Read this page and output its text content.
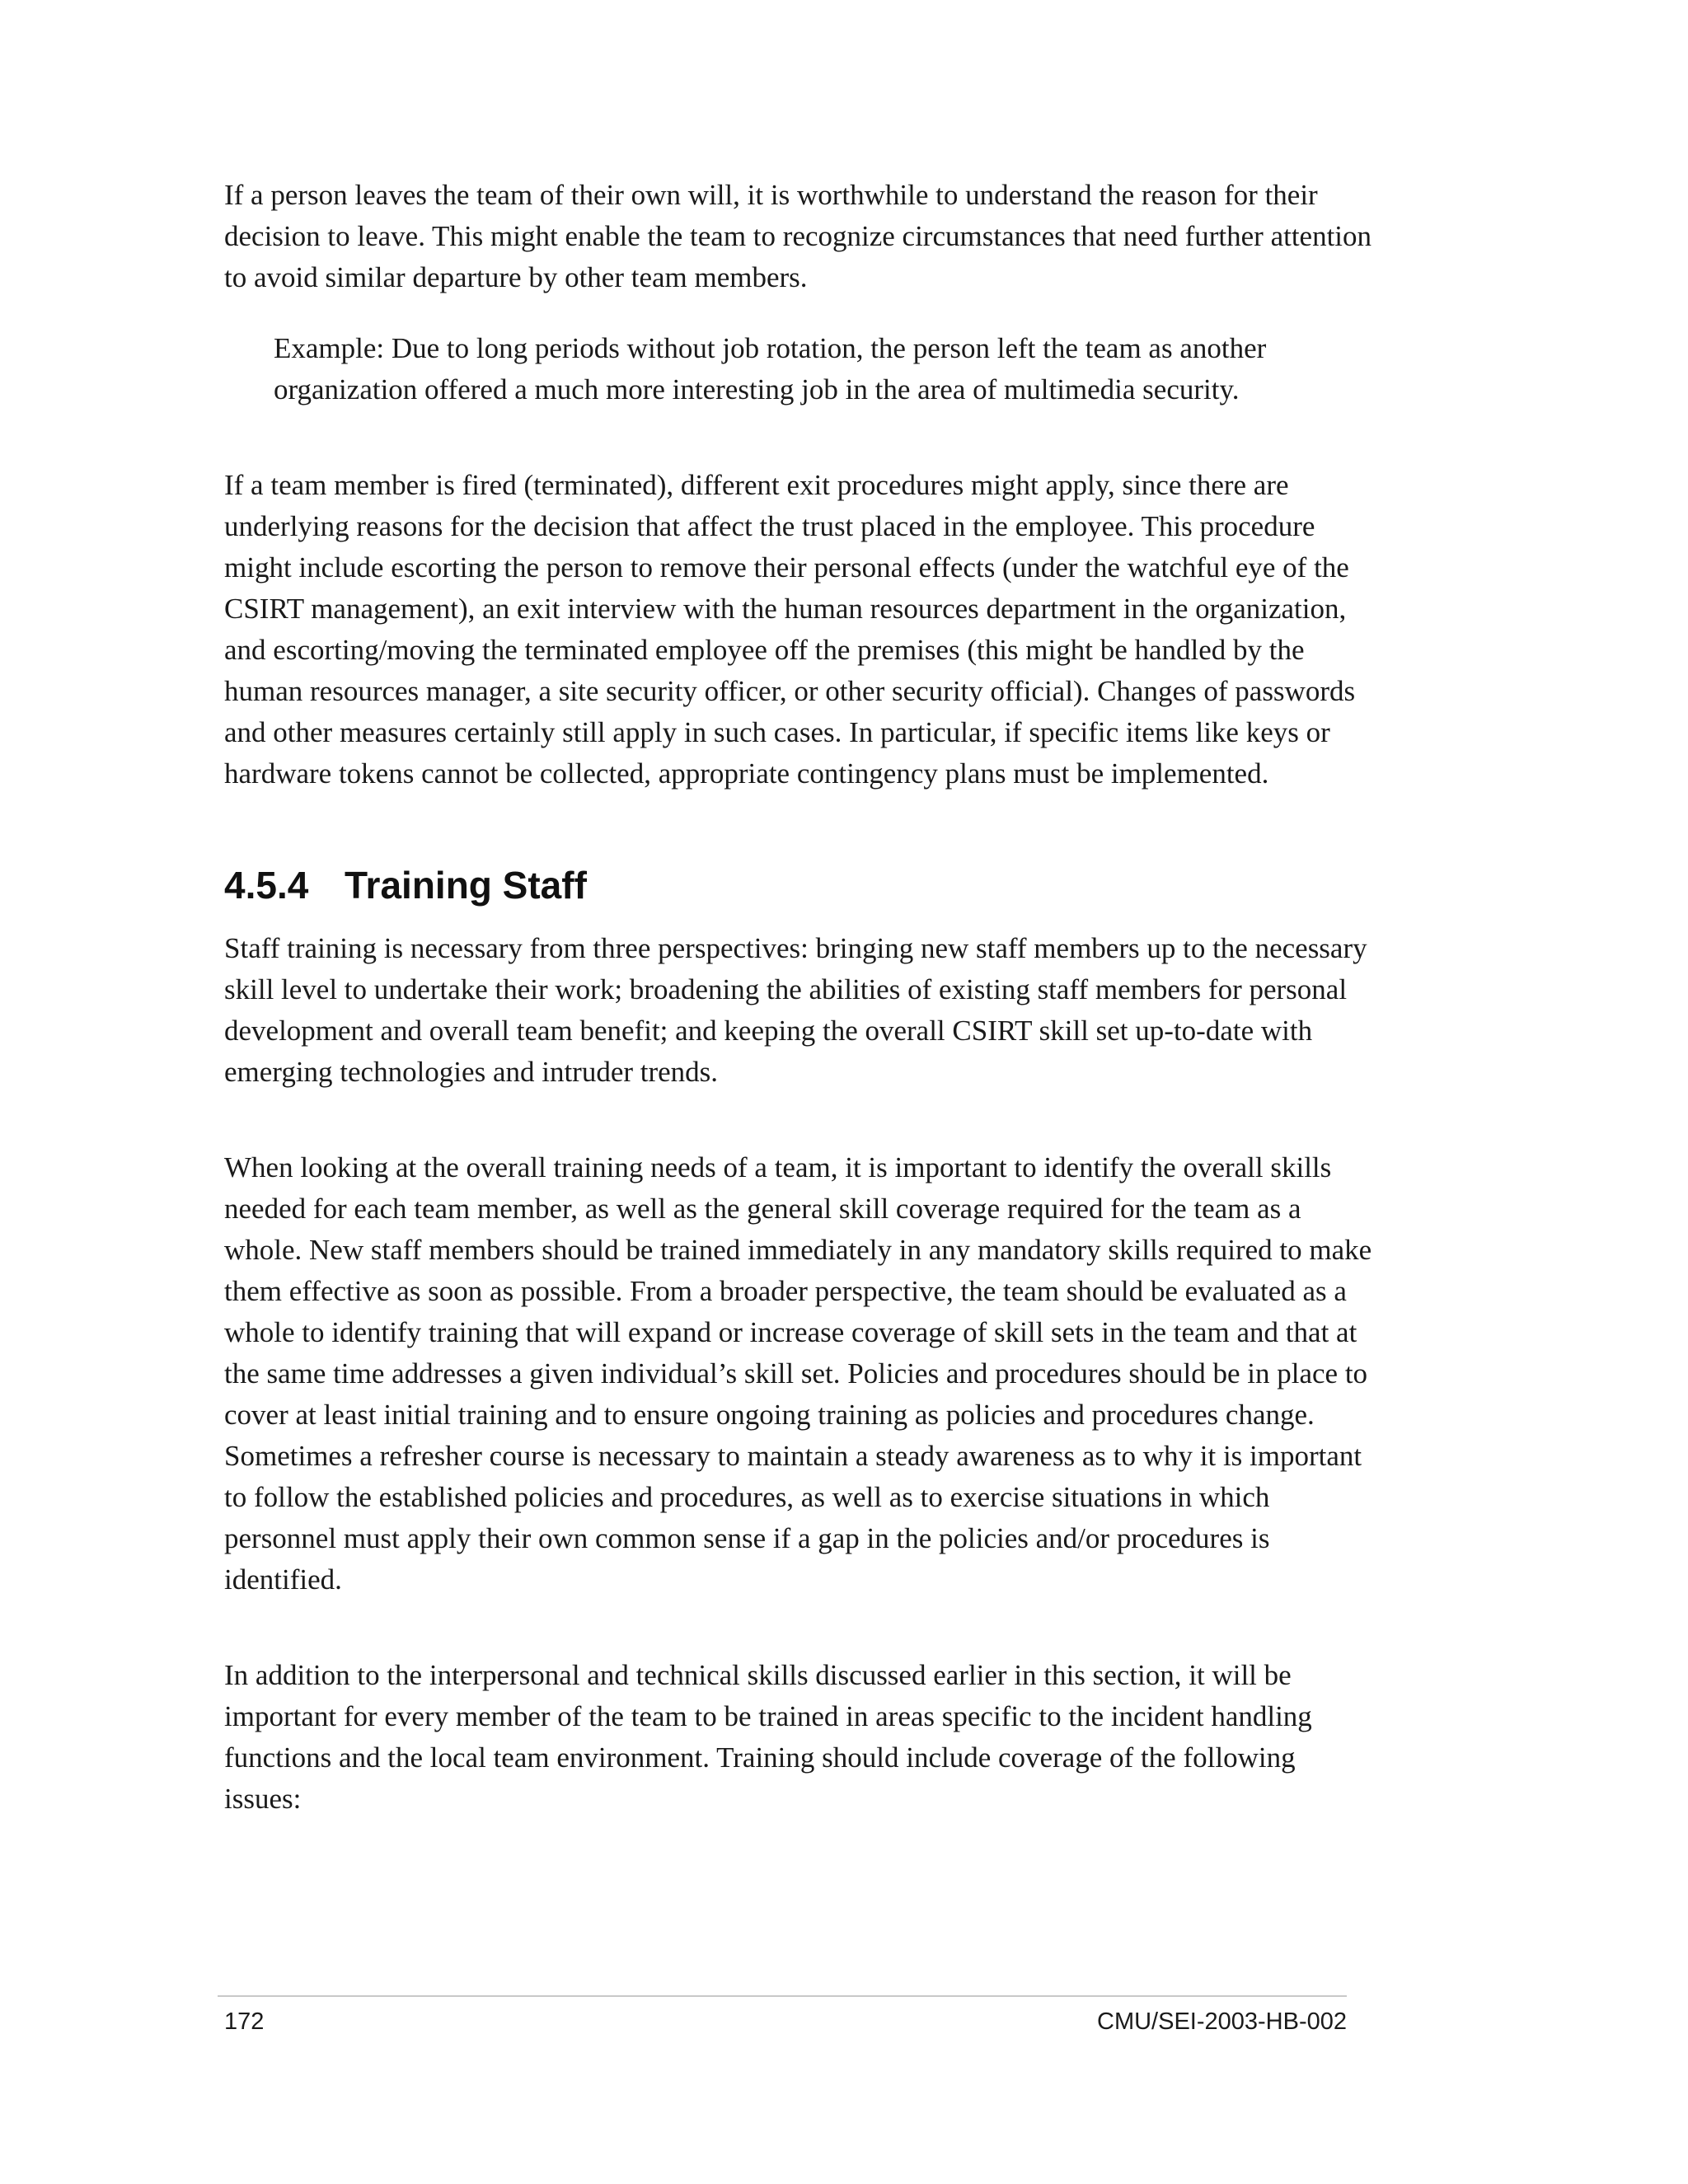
If a person leaves the team of their own will, it is worthwhile to understand the reason for their decision to leave. This might enable the team to recognize circumstances that need further attention to avoid similar departure by other team members.

Example: Due to long periods without job rotation, the person left the team as another organization offered a much more interesting job in the area of multimedia security.

If a team member is fired (terminated), different exit procedures might apply, since there are underlying reasons for the decision that affect the trust placed in the employee. This procedure might include escorting the person to remove their personal effects (under the watchful eye of the CSIRT management), an exit interview with the human resources department in the organization, and escorting/moving the terminated employee off the premises (this might be handled by the human resources manager, a site security officer, or other security official). Changes of passwords and other measures certainly still apply in such cases. In particular, if specific items like keys or hardware tokens cannot be collected, appropriate contingency plans must be implemented.

4.5.4 Training Staff

Staff training is necessary from three perspectives: bringing new staff members up to the necessary skill level to undertake their work; broadening the abilities of existing staff members for personal development and overall team benefit; and keeping the overall CSIRT skill set up-to-date with emerging technologies and intruder trends.

When looking at the overall training needs of a team, it is important to identify the overall skills needed for each team member, as well as the general skill coverage required for the team as a whole. New staff members should be trained immediately in any mandatory skills required to make them effective as soon as possible. From a broader perspective, the team should be evaluated as a whole to identify training that will expand or increase coverage of skill sets in the team and that at the same time addresses a given individual’s skill set. Policies and procedures should be in place to cover at least initial training and to ensure ongoing training as policies and procedures change. Sometimes a refresher course is necessary to maintain a steady awareness as to why it is important to follow the established policies and procedures, as well as to exercise situations in which personnel must apply their own common sense if a gap in the policies and/or procedures is identified.

In addition to the interpersonal and technical skills discussed earlier in this section, it will be important for every member of the team to be trained in areas specific to the incident handling functions and the local team environment. Training should include coverage of the following issues:

172	CMU/SEI-2003-HB-002
